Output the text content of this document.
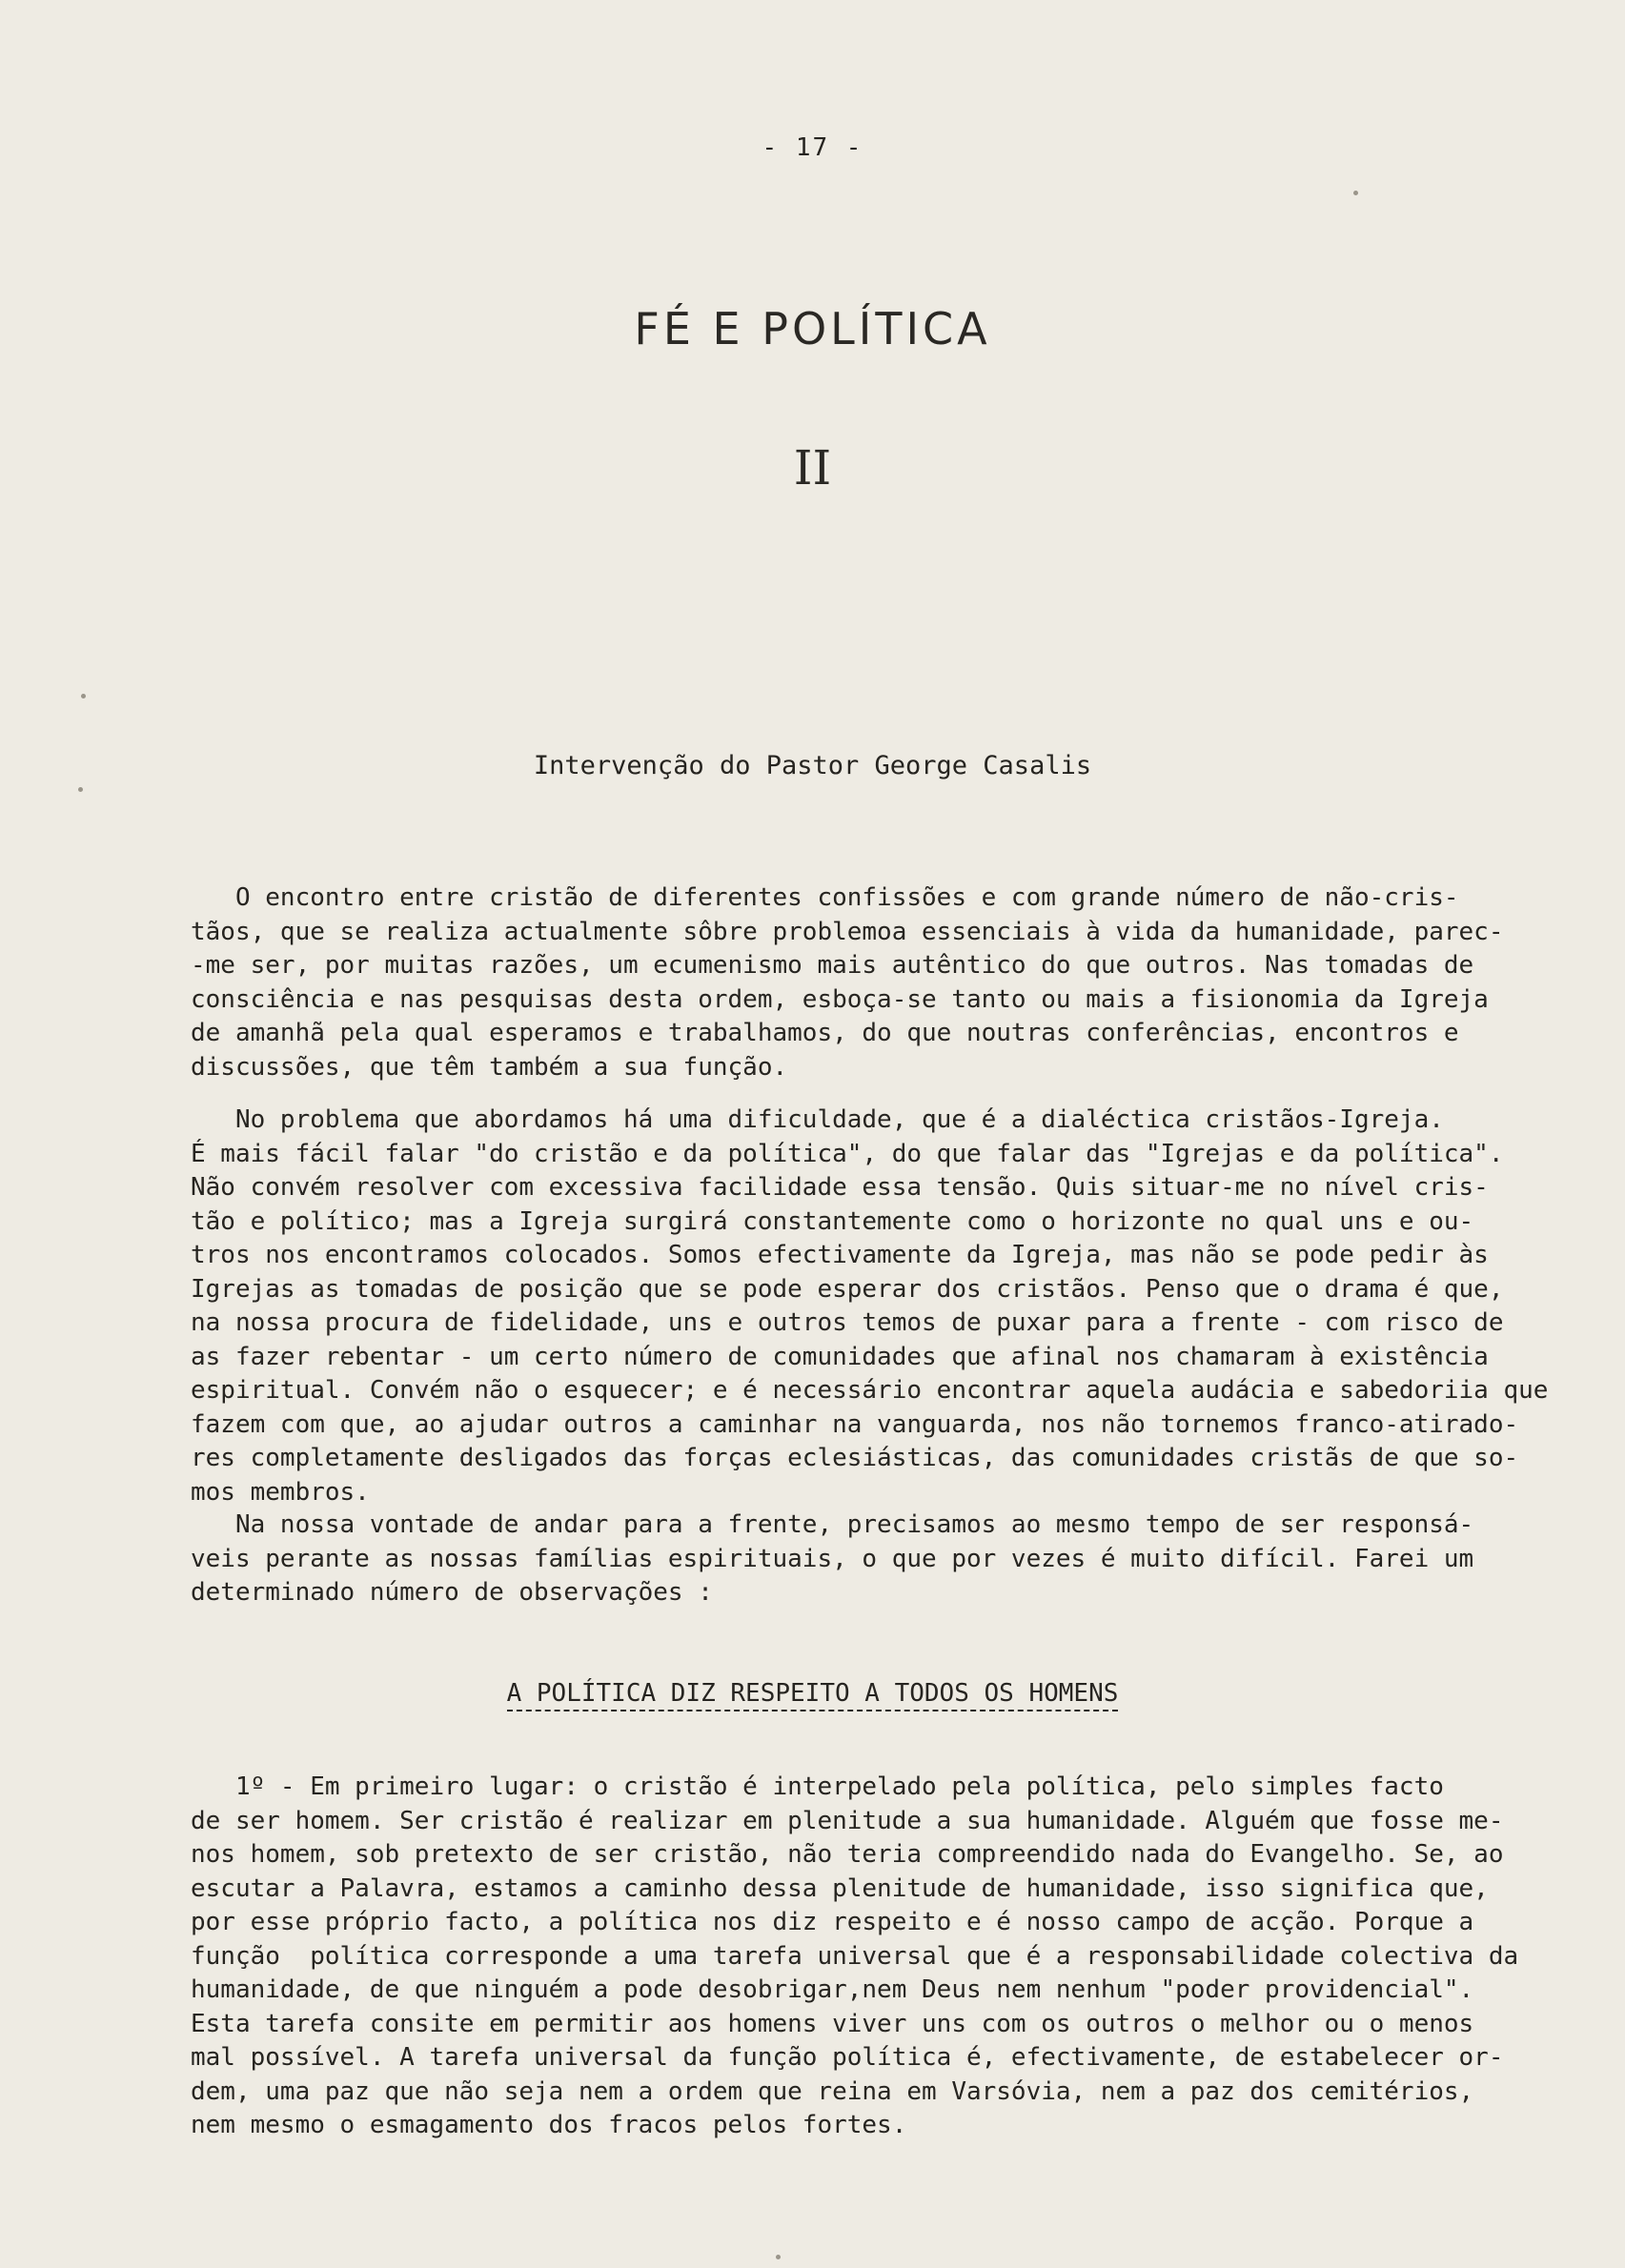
- 17 -
FÉ E POLÍTICA
II
Intervenção do Pastor George Casalis

O encontro entre cristão de diferentes confissões e com grande número de não-cris-
tãos, que se realiza actualmente sôbre problemoa essenciais à vida da humanidade, parec-
-me ser, por muitas razões, um ecumenismo mais autêntico do que outros. Nas tomadas de
consciência e nas pesquisas desta ordem, esboça-se tanto ou mais a fisionomia da Igreja
de amanhã pela qual esperamos e trabalhamos, do que noutras conferências, encontros e
discussões, que têm também a sua função.

No problema que abordamos há uma dificuldade, que é a dialéctica cristãos-Igreja.
É mais fácil falar "do cristão e da política", do que falar das "Igrejas e da política".
Não convém resolver com excessiva facilidade essa tensão. Quis situar-me no nível cris-
tão e político; mas a Igreja surgirá constantemente como o horizonte no qual uns e ou-
tros nos encontramos colocados. Somos efectivamente da Igreja, mas não se pode pedir às
Igrejas as tomadas de posição que se pode esperar dos cristãos. Penso que o drama é que,
na nossa procura de fidelidade, uns e outros temos de puxar para a frente - com risco de
as fazer rebentar - um certo número de comunidades que afinal nos chamaram à existência
espiritual. Convém não o esquecer; e é necessário encontrar aquela audácia e sabedoriia que
fazem com que, ao ajudar outros a caminhar na vanguarda, nos não tornemos franco-atirado-
res completamente desligados das forças eclesiásticas, das comunidades cristãs de que so-
mos membros.

Na nossa vontade de andar para a frente, precisamos ao mesmo tempo de ser responsá-
veis perante as nossas famílias espirituais, o que por vezes é muito difícil. Farei um
determinado número de observações :

A POLÍTICA DIZ RESPEITO A TODOS OS HOMENS

1º - Em primeiro lugar: o cristão é interpelado pela política, pelo simples facto
de ser homem. Ser cristão é realizar em plenitude a sua humanidade. Alguém que fosse me-
nos homem, sob pretexto de ser cristão, não teria compreendido nada do Evangelho. Se, ao
escutar a Palavra, estamos a caminho dessa plenitude de humanidade, isso significa que,
por esse próprio facto, a política nos diz respeito e é nosso campo de acção. Porque a
função  política corresponde a uma tarefa universal que é a responsabilidade colectiva da
humanidade, de que ninguém a pode desobrigar,nem Deus nem nenhum "poder providencial".
Esta tarefa consite em permitir aos homens viver uns com os outros o melhor ou o menos
mal possível. A tarefa universal da função política é, efectivamente, de estabelecer or-
dem, uma paz que não seja nem a ordem que reina em Varsóvia, nem a paz dos cemitérios,
nem mesmo o esmagamento dos fracos pelos fortes.
